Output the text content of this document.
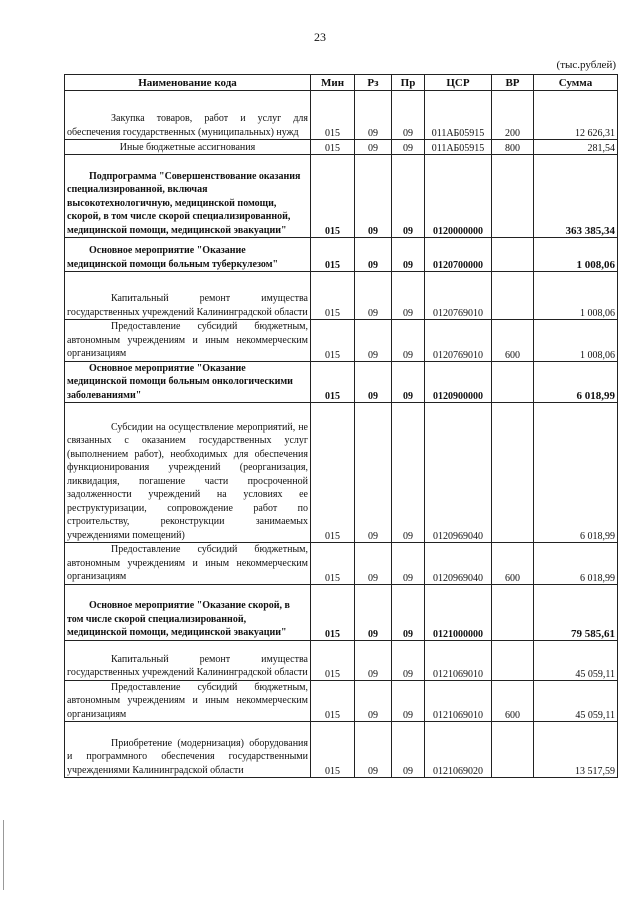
23
(тыс.рублей)
Наименование кода	Мин	Рз	Пр	ЦСР	ВР	Сумма

Закупка товаров, работ и услуг для обеспечения государственных (муниципальных) нужд	015	09	09	011АБ05915	200	12 626,31
Иные бюджетные ассигнования	015	09	09	011АБ05915	800	281,54

Подпрограмма "Совершенствование оказания специализированной, включая высокотехнологичную, медицинской помощи, скорой, в том числе скорой специализированной, медицинской помощи, медицинской эвакуации"	015	09	09	0120000000		363 385,34

Основное мероприятие "Оказание медицинской помощи больным туберкулезом"	015	09	09	0120700000		1 008,06

Капитальный ремонт имущества государственных учреждений Калининградской области	015	09	09	0120769010		1 008,06

Предоставление субсидий бюджетным, автономным учреждениям и иным некоммерческим организациям	015	09	09	0120769010	600	1 008,06

Основное мероприятие "Оказание медицинской помощи больным онкологическими заболеваниями"	015	09	09	0120900000		6 018,99

Субсидии на осуществление мероприятий, не связанных с оказанием государственных услуг (выполнением работ), необходимых для обеспечения функционирования учреждений (реорганизация, ликвидация, погашение части просроченной задолженности учреждений на условиях ее реструктуризации, сопровождение работ по строительству, реконструкции занимаемых учреждениями помещений)	015	09	09	0120969040		6 018,99

Предоставление субсидий бюджетным, автономным учреждениям и иным некоммерческим организациям	015	09	09	0120969040	600	6 018,99

Основное мероприятие "Оказание скорой, в том числе скорой специализированной, медицинской помощи, медицинской эвакуации"	015	09	09	0121000000		79 585,61

Капитальный ремонт имущества государственных учреждений Калининградской области	015	09	09	0121069010		45 059,11

Предоставление субсидий бюджетным, автономным учреждениям и иным некоммерческим организациям	015	09	09	0121069010	600	45 059,11

Приобретение (модернизация) оборудования и программного обеспечения государственными учреждениями Калининградской области	015	09	09	0121069020		13 517,59
